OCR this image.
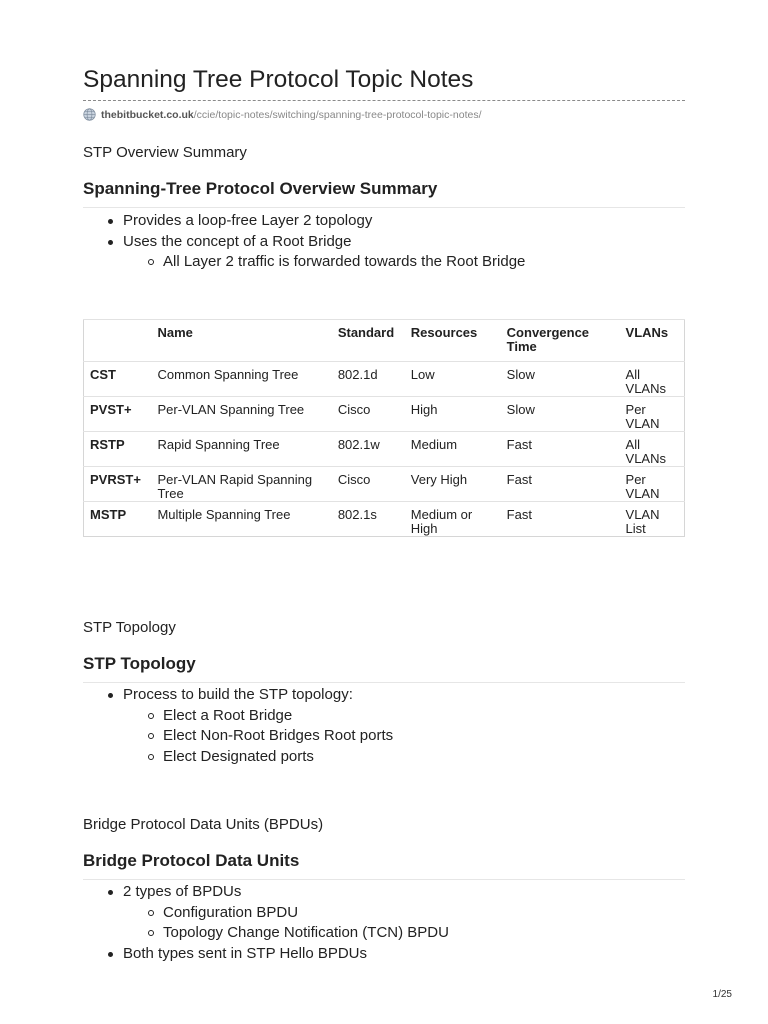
Spanning Tree Protocol Topic Notes
thebitbucket.co.uk /ccie/topic-notes/switching/spanning-tree-protocol-topic-notes/

STP Overview Summary

Spanning-Tree Protocol Overview Summary
Provides a loop-free Layer 2 topology
Uses the concept of a Root Bridge
All Layer 2 traffic is forwarded towards the Root Bridge
	Name	Standard	Resources	Convergence Time	VLANs
CST	Common Spanning Tree	802.1d	Low	Slow	All VLANs
PVST+	Per-VLAN Spanning Tree	Cisco	High	Slow	Per VLAN
RSTP	Rapid Spanning Tree	802.1w	Medium	Fast	All VLANs
PVRST+	Per-VLAN Rapid Spanning Tree	Cisco	Very High	Fast	Per VLAN
MSTP	Multiple Spanning Tree	802.1s	Medium or High	Fast	VLAN List

STP Topology

STP Topology
Process to build the STP topology:
Elect a Root Bridge
Elect Non-Root Bridges Root ports
Elect Designated ports

Bridge Protocol Data Units (BPDUs)

Bridge Protocol Data Units
2 types of BPDUs
Configuration BPDU
Topology Change Notification (TCN) BPDU
Both types sent in STP Hello BPDUs
1/25
